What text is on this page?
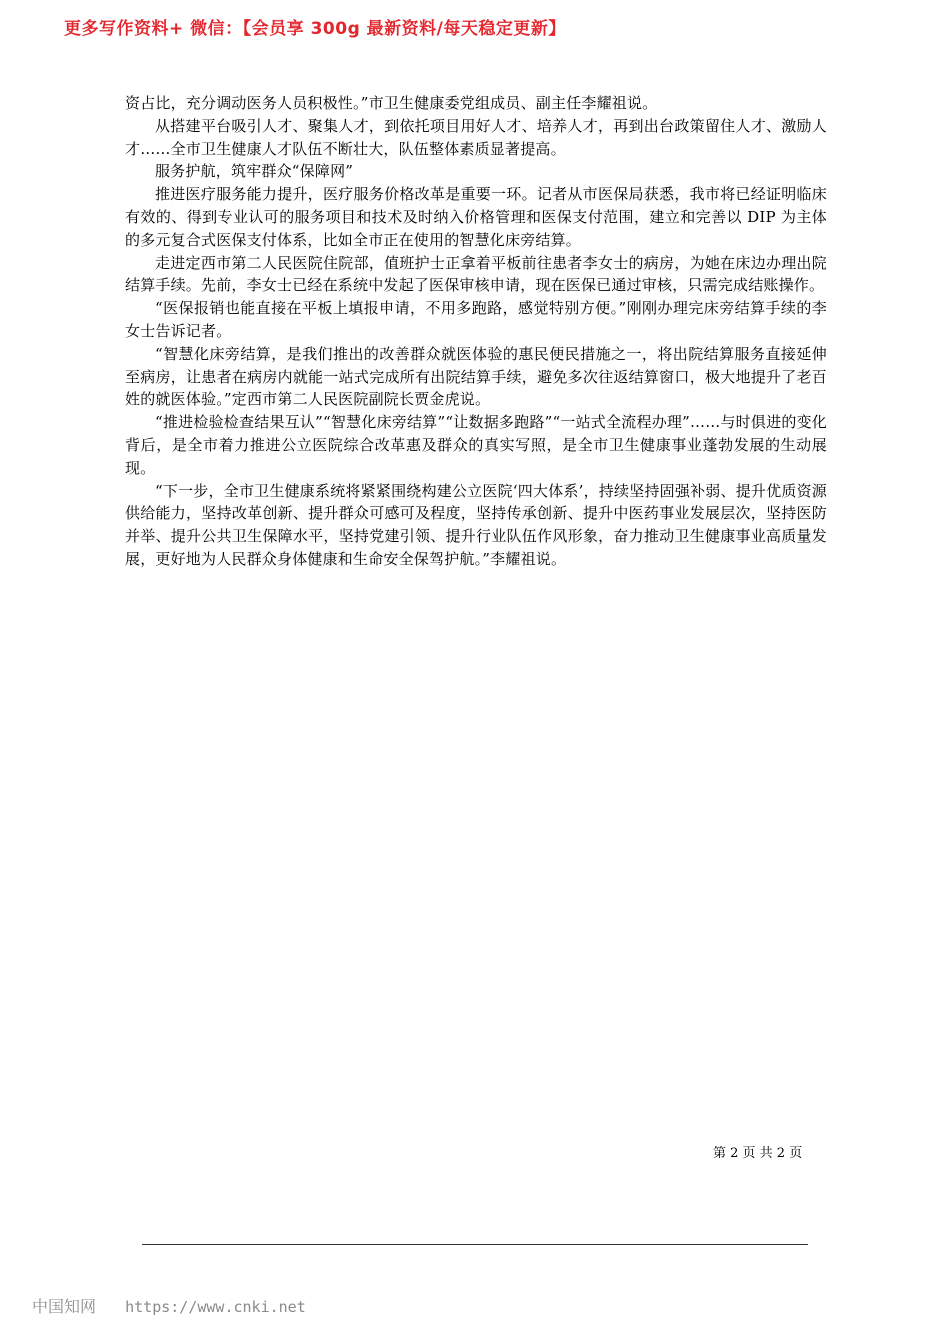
更多写作资料+ 微信：【会员享 300g 最新资料/每天稳定更新】

资占比，充分调动医务人员积极性。”市卫生健康委党组成员、副主任李耀祖说。

从搭建平台吸引人才、聚集人才，到依托项目用好人才、培养人才，再到出台政策留住人才、激励人才……全市卫生健康人才队伍不断壮大，队伍整体素质显著提高。

服务护航，筑牢群众“保障网”

推进医疗服务能力提升，医疗服务价格改革是重要一环。记者从市医保局获悉，我市将已经证明临床有效的、得到专业认可的服务项目和技术及时纳入价格管理和医保支付范围，建立和完善以 DIP 为主体的多元复合式医保支付体系，比如全市正在使用的智慧化床旁结算。

走进定西市第二人民医院住院部，值班护士正拿着平板前往患者李女士的病房，为她在床边办理出院结算手续。先前，李女士已经在系统中发起了医保审核申请，现在医保已通过审核，只需完成结账操作。

“医保报销也能直接在平板上填报申请，不用多跑路，感觉特别方便。”刚刚办理完床旁结算手续的李女士告诉记者。

“智慧化床旁结算，是我们推出的改善群众就医体验的惠民便民措施之一，将出院结算服务直接延伸至病房，让患者在病房内就能一站式完成所有出院结算手续，避免多次往返结算窗口，极大地提升了老百姓的就医体验。”定西市第二人民医院副院长贾金虎说。

“推进检验检查结果互认”“智慧化床旁结算”“让数据多跑路”“一站式全流程办理”……与时俱进的变化背后，是全市着力推进公立医院综合改革惠及群众的真实写照，是全市卫生健康事业蓬勃发展的生动展现。

“下一步，全市卫生健康系统将紧紧围绕构建公立医院‘四大体系’，持续坚持固强补弱、提升优质资源供给能力，坚持改革创新、提升群众可感可及程度，坚持传承创新、提升中医药事业发展层次，坚持医防并举、提升公共卫生保障水平，坚持党建引领、提升行业队伍作风形象，奋力推动卫生健康事业高质量发展，更好地为人民群众身体健康和生命安全保驾护航。”李耀祖说。

第 2 页 共 2 页
中国知网 https://www.cnki.net
